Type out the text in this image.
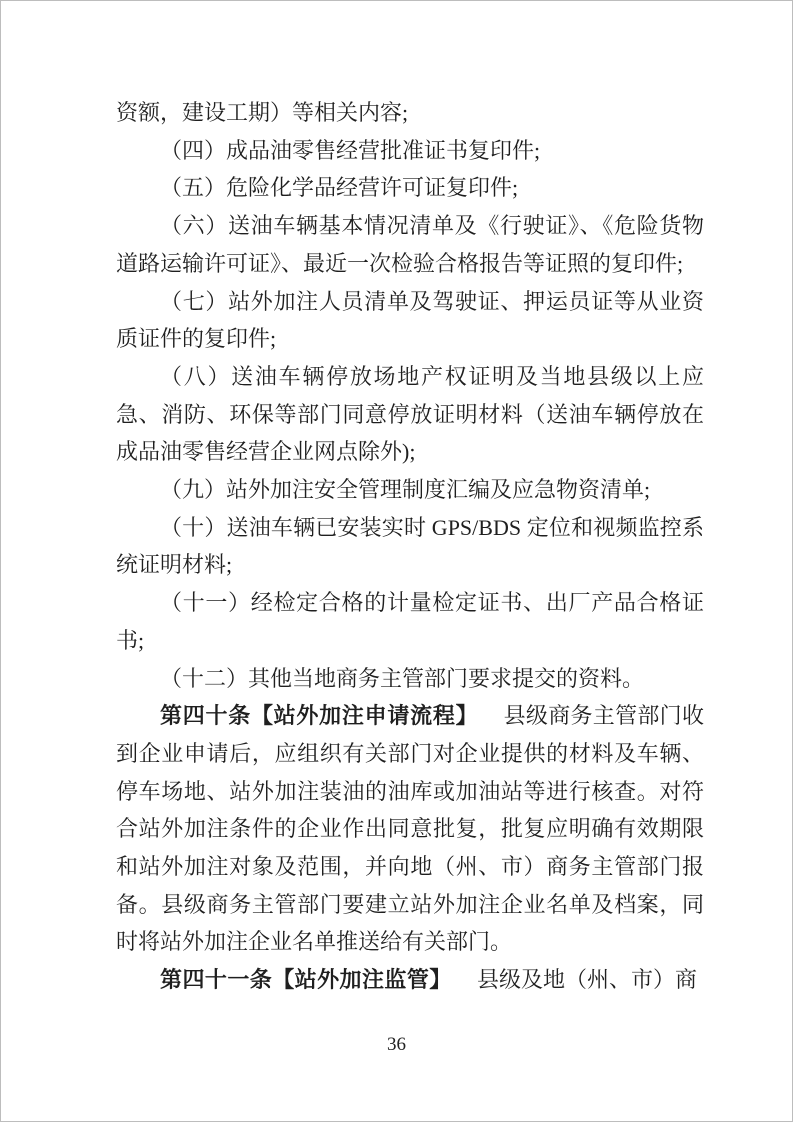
资额，建设工期）等相关内容;

（四）成品油零售经营批准证书复印件;

（五）危险化学品经营许可证复印件;

（六）送油车辆基本情况清单及《行驶证》、《危险货物道路运输许可证》、最近一次检验合格报告等证照的复印件;

（七）站外加注人员清单及驾驶证、押运员证等从业资质证件的复印件;

（八）送油车辆停放场地产权证明及当地县级以上应急、消防、环保等部门同意停放证明材料（送油车辆停放在成品油零售经营企业网点除外);

（九）站外加注安全管理制度汇编及应急物资清单;

（十）送油车辆已安装实时 GPS/BDS 定位和视频监控系统证明材料;

（十一）经检定合格的计量检定证书、出厂产品合格证书;

（十二）其他当地商务主管部门要求提交的资料。

第四十条【站外加注申请流程】 县级商务主管部门收到企业申请后，应组织有关部门对企业提供的材料及车辆、停车场地、站外加注装油的油库或加油站等进行核查。对符合站外加注条件的企业作出同意批复，批复应明确有效期限和站外加注对象及范围，并向地（州、市）商务主管部门报备。县级商务主管部门要建立站外加注企业名单及档案，同时将站外加注企业名单推送给有关部门。

第四十一条【站外加注监管】 县级及地（州、市）商

36
